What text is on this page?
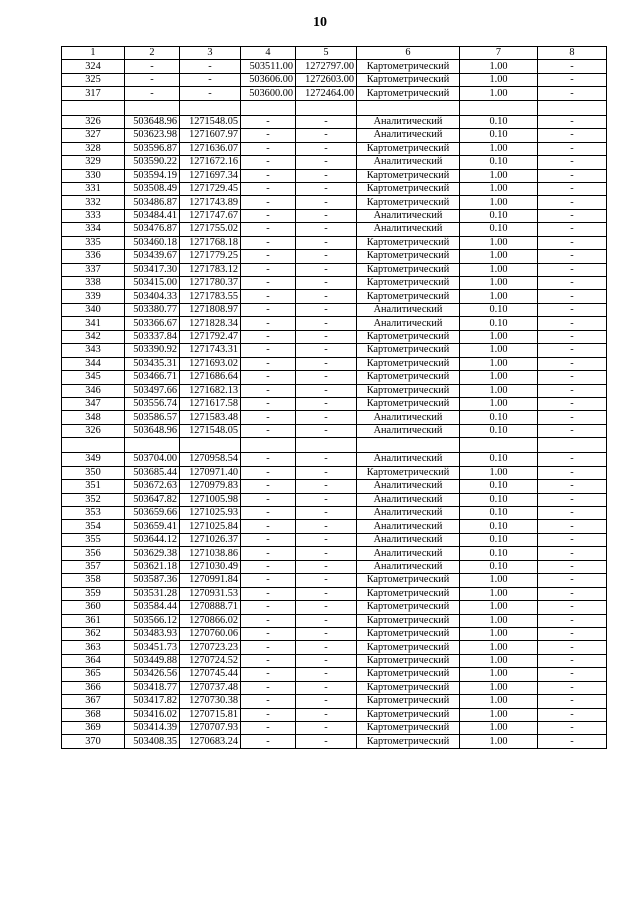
10
1	2	3	4	5	6	7	8
324	-	-	503511.00	1272797.00	Картометрический	1.00	-
325	-	-	503606.00	1272603.00	Картометрический	1.00	-
317	-	-	503600.00	1272464.00	Картометрический	1.00	-

326	503648.96	1271548.05	-	-	Аналитический	0.10	-
327	503623.98	1271607.97	-	-	Аналитический	0.10	-
328	503596.87	1271636.07	-	-	Картометрический	1.00	-
329	503590.22	1271672.16	-	-	Аналитический	0.10	-
330	503594.19	1271697.34	-	-	Картометрический	1.00	-
331	503508.49	1271729.45	-	-	Картометрический	1.00	-
332	503486.87	1271743.89	-	-	Картометрический	1.00	-
333	503484.41	1271747.67	-	-	Аналитический	0.10	-
334	503476.87	1271755.02	-	-	Аналитический	0.10	-
335	503460.18	1271768.18	-	-	Картометрический	1.00	-
336	503439.67	1271779.25	-	-	Картометрический	1.00	-
337	503417.30	1271783.12	-	-	Картометрический	1.00	-
338	503415.00	1271780.37	-	-	Картометрический	1.00	-
339	503404.33	1271783.55	-	-	Картометрический	1.00	-
340	503380.77	1271808.97	-	-	Аналитический	0.10	-
341	503366.67	1271828.34	-	-	Аналитический	0.10	-
342	503337.84	1271792.47	-	-	Картометрический	1.00	-
343	503390.92	1271743.31	-	-	Картометрический	1.00	-
344	503435.31	1271693.02	-	-	Картометрический	1.00	-
345	503466.71	1271686.64	-	-	Картометрический	1.00	-
346	503497.66	1271682.13	-	-	Картометрический	1.00	-
347	503556.74	1271617.58	-	-	Картометрический	1.00	-
348	503586.57	1271583.48	-	-	Аналитический	0.10	-
326	503648.96	1271548.05	-	-	Аналитический	0.10	-

349	503704.00	1270958.54	-	-	Аналитический	0.10	-
350	503685.44	1270971.40	-	-	Картометрический	1.00	-
351	503672.63	1270979.83	-	-	Аналитический	0.10	-
352	503647.82	1271005.98	-	-	Аналитический	0.10	-
353	503659.66	1271025.93	-	-	Аналитический	0.10	-
354	503659.41	1271025.84	-	-	Аналитический	0.10	-
355	503644.12	1271026.37	-	-	Аналитический	0.10	-
356	503629.38	1271038.86	-	-	Аналитический	0.10	-
357	503621.18	1271030.49	-	-	Аналитический	0.10	-
358	503587.36	1270991.84	-	-	Картометрический	1.00	-
359	503531.28	1270931.53	-	-	Картометрический	1.00	-
360	503584.44	1270888.71	-	-	Картометрический	1.00	-
361	503566.12	1270866.02	-	-	Картометрический	1.00	-
362	503483.93	1270760.06	-	-	Картометрический	1.00	-
363	503451.73	1270723.23	-	-	Картометрический	1.00	-
364	503449.88	1270724.52	-	-	Картометрический	1.00	-
365	503426.56	1270745.44	-	-	Картометрический	1.00	-
366	503418.77	1270737.48	-	-	Картометрический	1.00	-
367	503417.82	1270730.38	-	-	Картометрический	1.00	-
368	503416.02	1270715.81	-	-	Картометрический	1.00	-
369	503414.39	1270707.93	-	-	Картометрический	1.00	-
370	503408.35	1270683.24	-	-	Картометрический	1.00	-
